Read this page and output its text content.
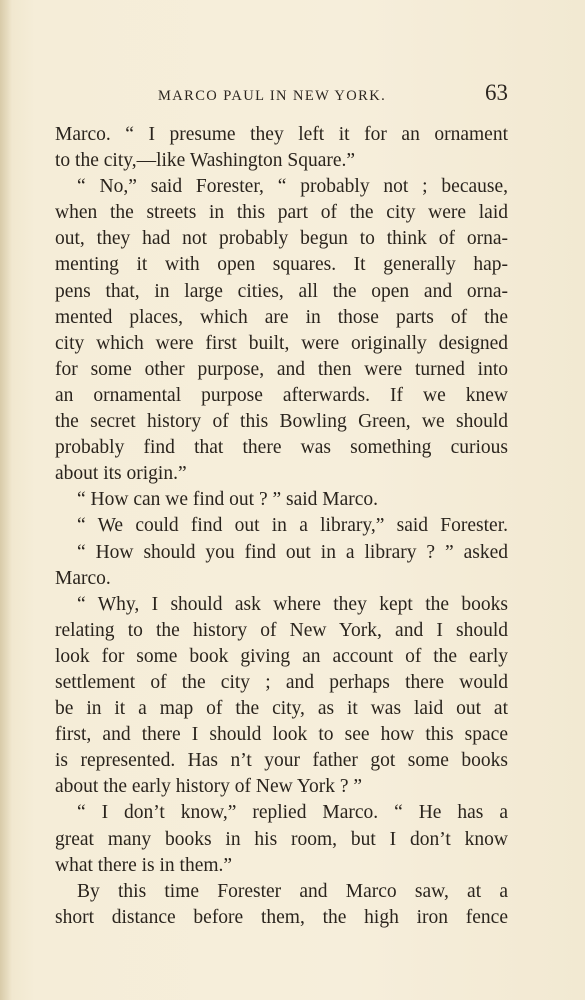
MARCO PAUL IN NEW YORK.	63
Marco. “ I presume they left it for an ornament
to the city,—like Washington Square.”
“ No,” said Forester, “ probably not ; because,
when the streets in this part of the city were laid
out, they had not probably begun to think of orna-
menting it with open squares. It generally hap-
pens that, in large cities, all the open and orna-
mented places, which are in those parts of the
city which were first built, were originally designed
for some other purpose, and then were turned into
an ornamental purpose afterwards. If we knew
the secret history of this Bowling Green, we should
probably find that there was something curious
about its origin.”
“ How can we find out ? ” said Marco.
“ We could find out in a library,” said Forester.
“ How should you find out in a library ? ” asked
Marco.
“ Why, I should ask where they kept the books
relating to the history of New York, and I should
look for some book giving an account of the early
settlement of the city ; and perhaps there would
be in it a map of the city, as it was laid out at
first, and there I should look to see how this space
is represented. Has n’t your father got some books
about the early history of New York ? ”
“ I don’t know,” replied Marco. “ He has a
great many books in his room, but I don’t know
what there is in them.”
By this time Forester and Marco saw, at a
short distance before them, the high iron fence
